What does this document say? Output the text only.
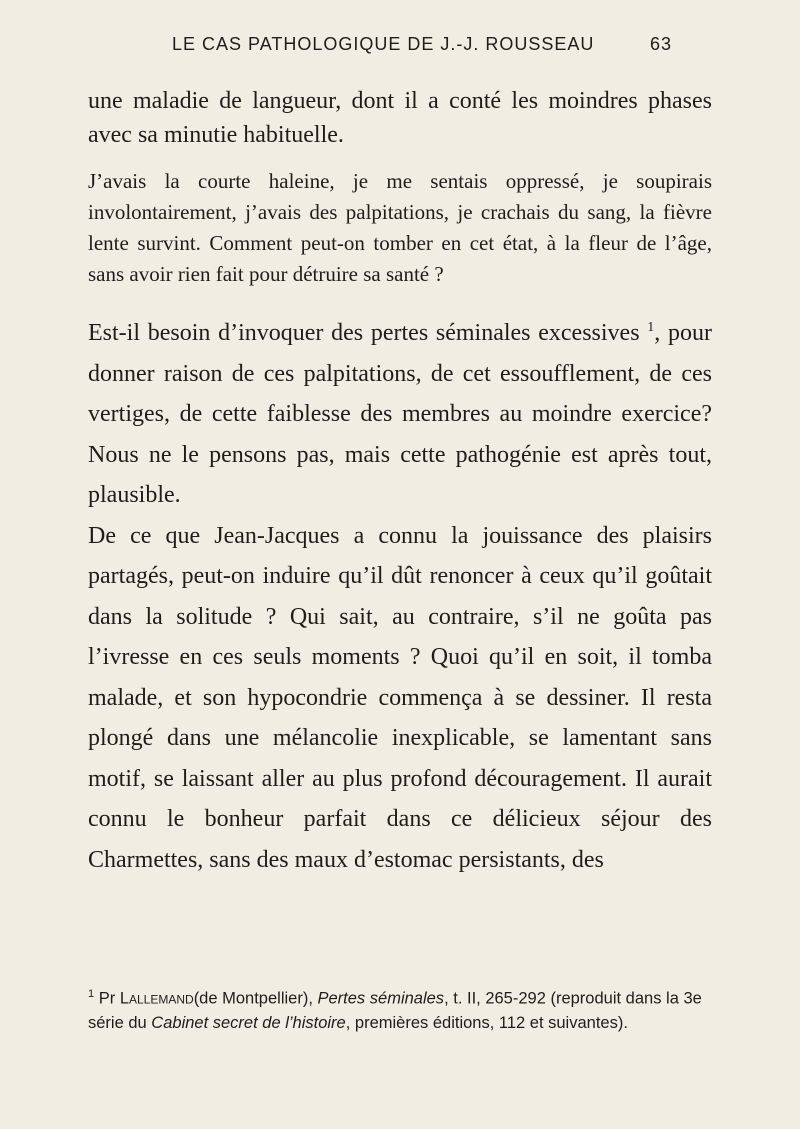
LE CAS PATHOLOGIQUE DE J.-J. ROUSSEAU	63

une maladie de langueur, dont il a conté les moindres phases avec sa minutie habituelle.

J’avais la courte haleine, je me sentais oppressé, je soupirais involontairement, j’avais des palpitations, je crachais du sang, la fièvre lente survint. Comment peut-on tomber en cet état, à la fleur de l’âge, sans avoir rien fait pour détruire sa santé ?

Est-il besoin d’invoquer des pertes séminales excessives $^1$, pour donner raison de ces palpitations, de cet essoufflement, de ces vertiges, de cette faiblesse des membres au moindre exercice? Nous ne le pensons pas, mais cette pathogénie est après tout, plausible.

De ce que Jean-Jacques a connu la jouissance des plaisirs partagés, peut-on induire qu’il dût renoncer à ceux qu’il goûtait dans la solitude ? Qui sait, au contraire, s’il ne goûta pas l’ivresse en ces seuls moments ? Quoi qu’il en soit, il tomba malade, et son hypocondrie commença à se dessiner. Il resta plongé dans une mélancolie inexplicable, se lamentant sans motif, se laissant aller au plus profond découragement. Il aurait connu le bonheur parfait dans ce délicieux séjour des Charmettes, sans des maux d’estomac persistants, des

$^1$ Pr Lallemand(de Montpellier), Pertes séminales, t. II, 265-292 (reproduit dans la 3e série du Cabinet secret de l’histoire, premières éditions, 112 et suivantes).
